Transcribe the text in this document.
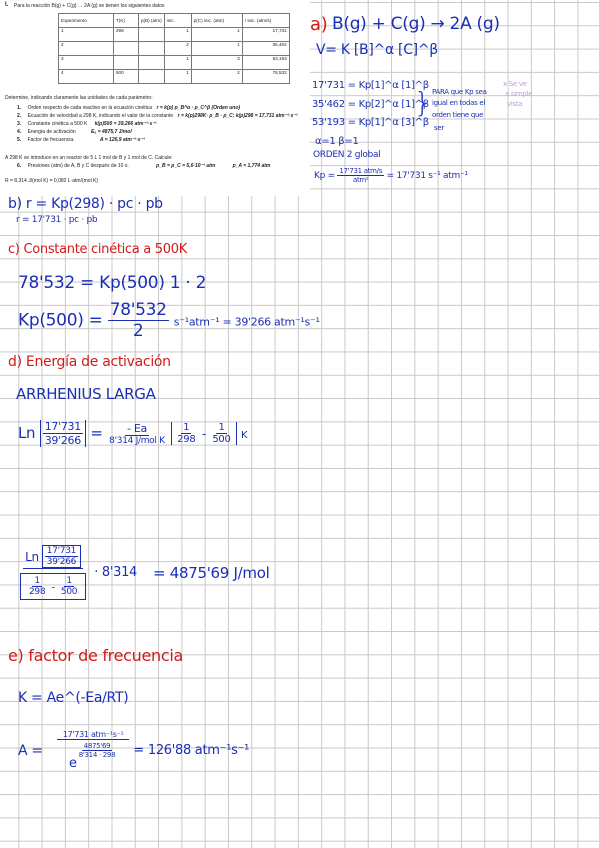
I. Para la reacción B(g) + C(g) → 2A (g) se tienen los siguientes datos
Experimento	T(K)	p(B) (atm)	inic.	p(C) inic. (atm)	r inic. (atm/s)
1	298		1	1	17,731
2			2	1	35,462
3			1	3	53,193
4	500		1	2	78,532
Determine, indicando claramente las unidades de cada parámetro:
1. Orden respecto de cada reactivo en la ecuación cinética r = k(p) p_B^α · p_C^β (Orden uno)
2. Ecuación de velocidad a 298 K, indicando el valor de la constante r = k(p)298K· p_B · p_C; k(p)298 = 17,731 atm⁻¹·s⁻¹
3. Constante cinética a 500 K k(p)500 = 39,266 atm⁻¹·s⁻¹
4. Energía de activación	Eₐ = 4875,7 J/mol
5. Factor de frecuencia.	A = 126,9 atm⁻¹·s⁻¹
A 298 K se introduce en un reactor de 5 L 1 mol de B y 1 mol de C. Calcule:
6. Presiones (atm) de A, B y C después de 10 s.	p_B = p_C = 5,6·10⁻³ atm	p_A = 1,774 atm
R = 8,314 J/(mol K) = 0,082 L·atm/(mol K)
a) B(g) + C(g) → 2A (g)
V= K [B]^α [C]^β
17'731 = Kp[1]^α [1]^β
35'462 = Kp[2]^α [1]^β
53'193 = Kp[1]^α [3]^β
}
α=1 β=1
PARA que Kp sea
igual en todas el
orden tiene que
ser
x Se ve
a simple
vista
ORDEN 2 global
$Kp = \frac{\text{17'731 atm/s}}{\text{atm²}} = 17'731$ s⁻¹ atm⁻¹
b) r = Kp(298) · pc · pb
r = 17'731 · pc · pb
c) Constante cinética a 500K
78'532 = Kp(500) 1 · 2
$Kp(500) = \frac{78'532}{2} s^{-1}atm^{-1} = 39'266$ atm⁻¹s⁻¹
d) Energía de activación
ARRHENIUS LARGA
Ln $\frac{17'731}{39'266} = \frac{- Ea}{\text{8'314 J/mol K}}$
$\frac{1}{298} - \frac{1}{500}$ K
Ln $\frac{17'731}{39'266}$
$\frac{1}{298} - \frac{1}{500}$
· 8'314 = 4875'69 J/mol
e) factor de frecuencia
K = Ae^(-Ea/RT)
A = 17'731 atm⁻¹s⁻¹
e
$\frac{4875'69}{8'314 \cdot 298} = 126'88$ atm⁻¹s⁻¹
